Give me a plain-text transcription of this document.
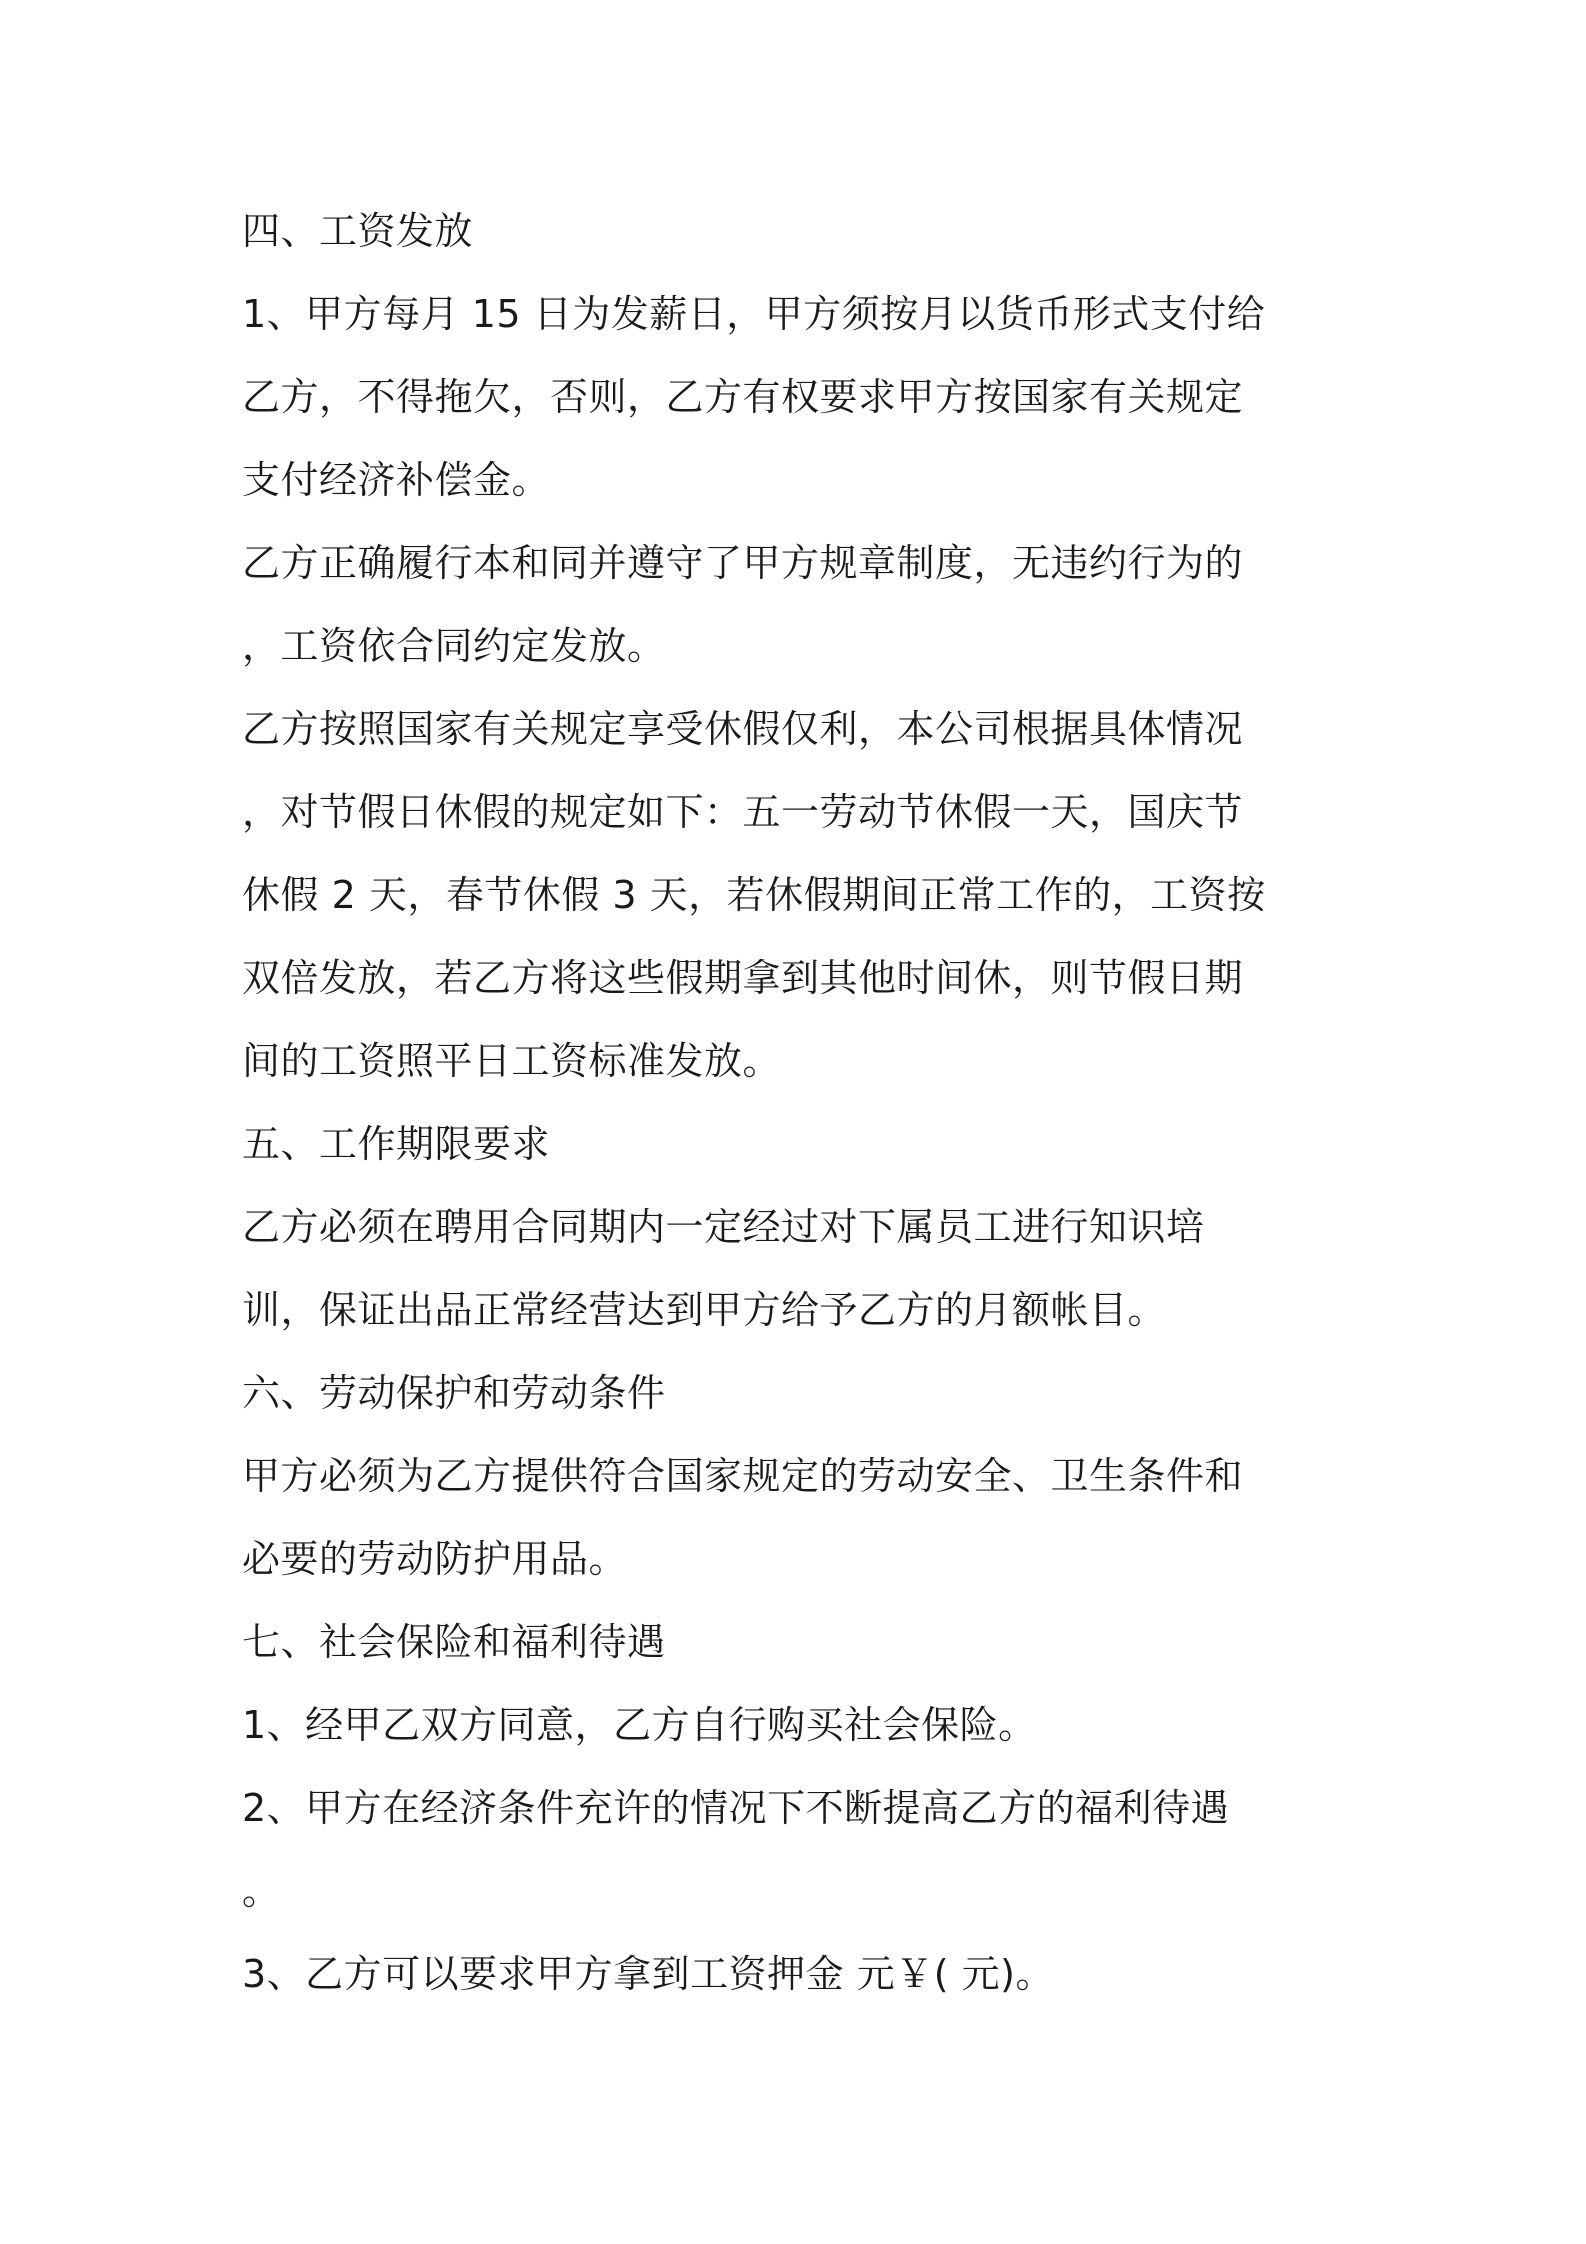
四、工资发放
1、甲方每月 15 日为发薪日，甲方须按月以货币形式支付给
乙方，不得拖欠，否则，乙方有权要求甲方按国家有关规定
支付经济补偿金。
乙方正确履行本和同并遵守了甲方规章制度，无违约行为的
，工资依合同约定发放。
乙方按照国家有关规定享受休假仅利，本公司根据具体情况
，对节假日休假的规定如下：五一劳动节休假一天，国庆节
休假 2 天，春节休假 3 天，若休假期间正常工作的，工资按
双倍发放，若乙方将这些假期拿到其他时间休，则节假日期
间的工资照平日工资标准发放。
五、工作期限要求
乙方必须在聘用合同期内一定经过对下属员工进行知识培
训，保证出品正常经营达到甲方给予乙方的月额帐目。
六、劳动保护和劳动条件
甲方必须为乙方提供符合国家规定的劳动安全、卫生条件和
必要的劳动防护用品。
七、社会保险和福利待遇
1、经甲乙双方同意，乙方自行购买社会保险。
2、甲方在经济条件充许的情况下不断提高乙方的福利待遇
。
3、乙方可以要求甲方拿到工资押金 元￥( 元)。
